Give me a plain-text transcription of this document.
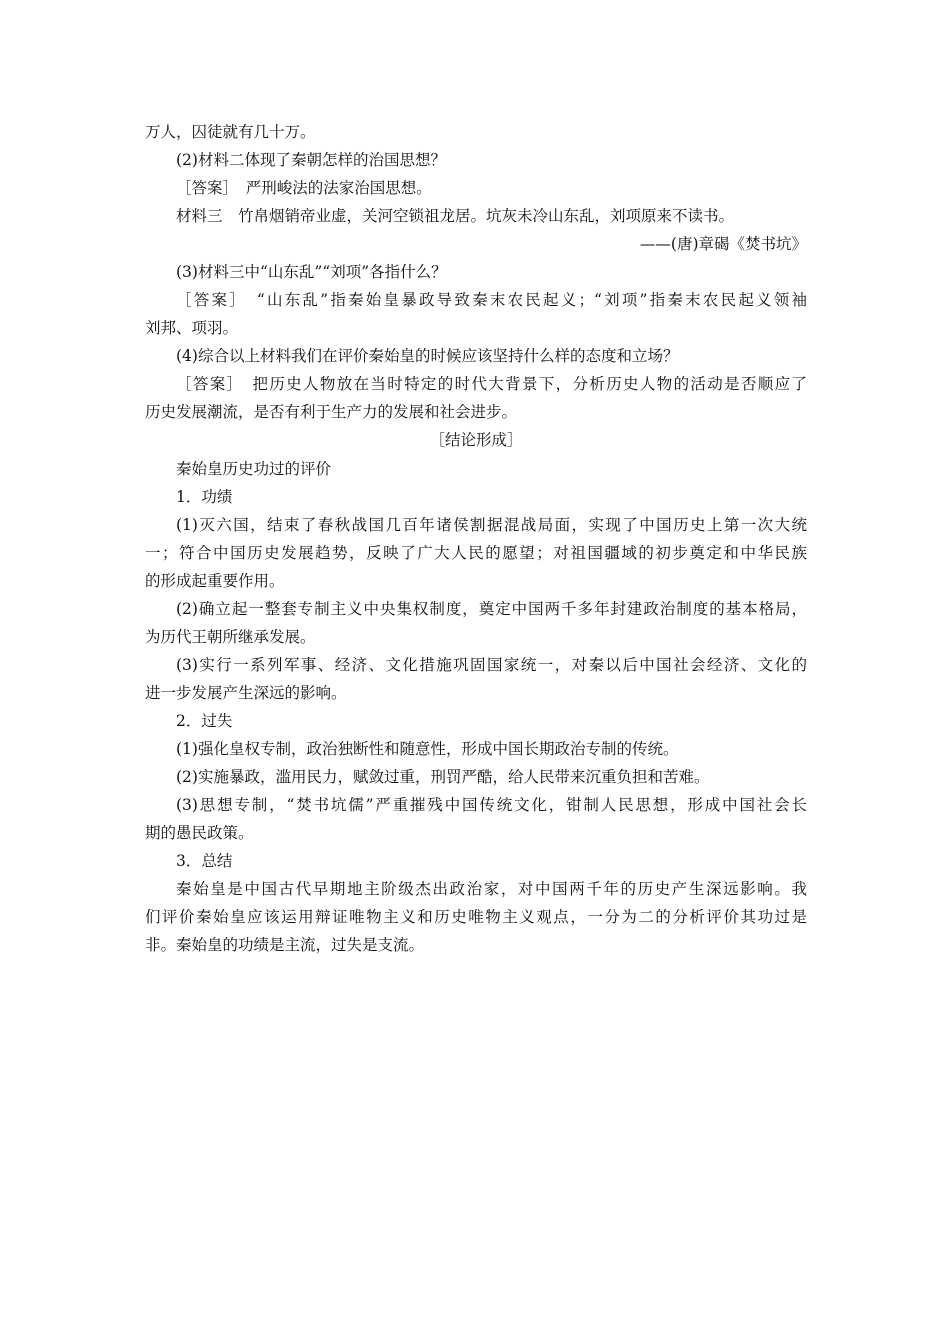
万人，囚徒就有几十万。
(2)材料二体现了秦朝怎样的治国思想？
［答案］　严刑峻法的法家治国思想。
材料三　竹帛烟销帝业虚，关河空锁祖龙居。坑灰未冷山东乱，刘项原来不读书。
——(唐)章碣《焚书坑》
(3)材料三中“山东乱”“刘项”各指什么？
［答案］　“山东乱”指秦始皇暴政导致秦末农民起义；“刘项”指秦末农民起义领袖
刘邦、项羽。
(4)综合以上材料我们在评价秦始皇的时候应该坚持什么样的态度和立场？
［答案］　把历史人物放在当时特定的时代大背景下，分析历史人物的活动是否顺应了
历史发展潮流，是否有利于生产力的发展和社会进步。
［结论形成］
秦始皇历史功过的评价
1．功绩
(1)灭六国，结束了春秋战国几百年诸侯割据混战局面，实现了中国历史上第一次大统
一；符合中国历史发展趋势，反映了广大人民的愿望；对祖国疆域的初步奠定和中华民族
的形成起重要作用。
(2)确立起一整套专制主义中央集权制度，奠定中国两千多年封建政治制度的基本格局，
为历代王朝所继承发展。
(3)实行一系列军事、经济、文化措施巩固国家统一，对秦以后中国社会经济、文化的
进一步发展产生深远的影响。
2．过失
(1)强化皇权专制，政治独断性和随意性，形成中国长期政治专制的传统。
(2)实施暴政，滥用民力，赋敛过重，刑罚严酷，给人民带来沉重负担和苦难。
(3)思想专制，“焚书坑儒”严重摧残中国传统文化，钳制人民思想，形成中国社会长
期的愚民政策。
3．总结
秦始皇是中国古代早期地主阶级杰出政治家，对中国两千年的历史产生深远影响。我
们评价秦始皇应该运用辩证唯物主义和历史唯物主义观点，一分为二的分析评价其功过是
非。秦始皇的功绩是主流，过失是支流。
